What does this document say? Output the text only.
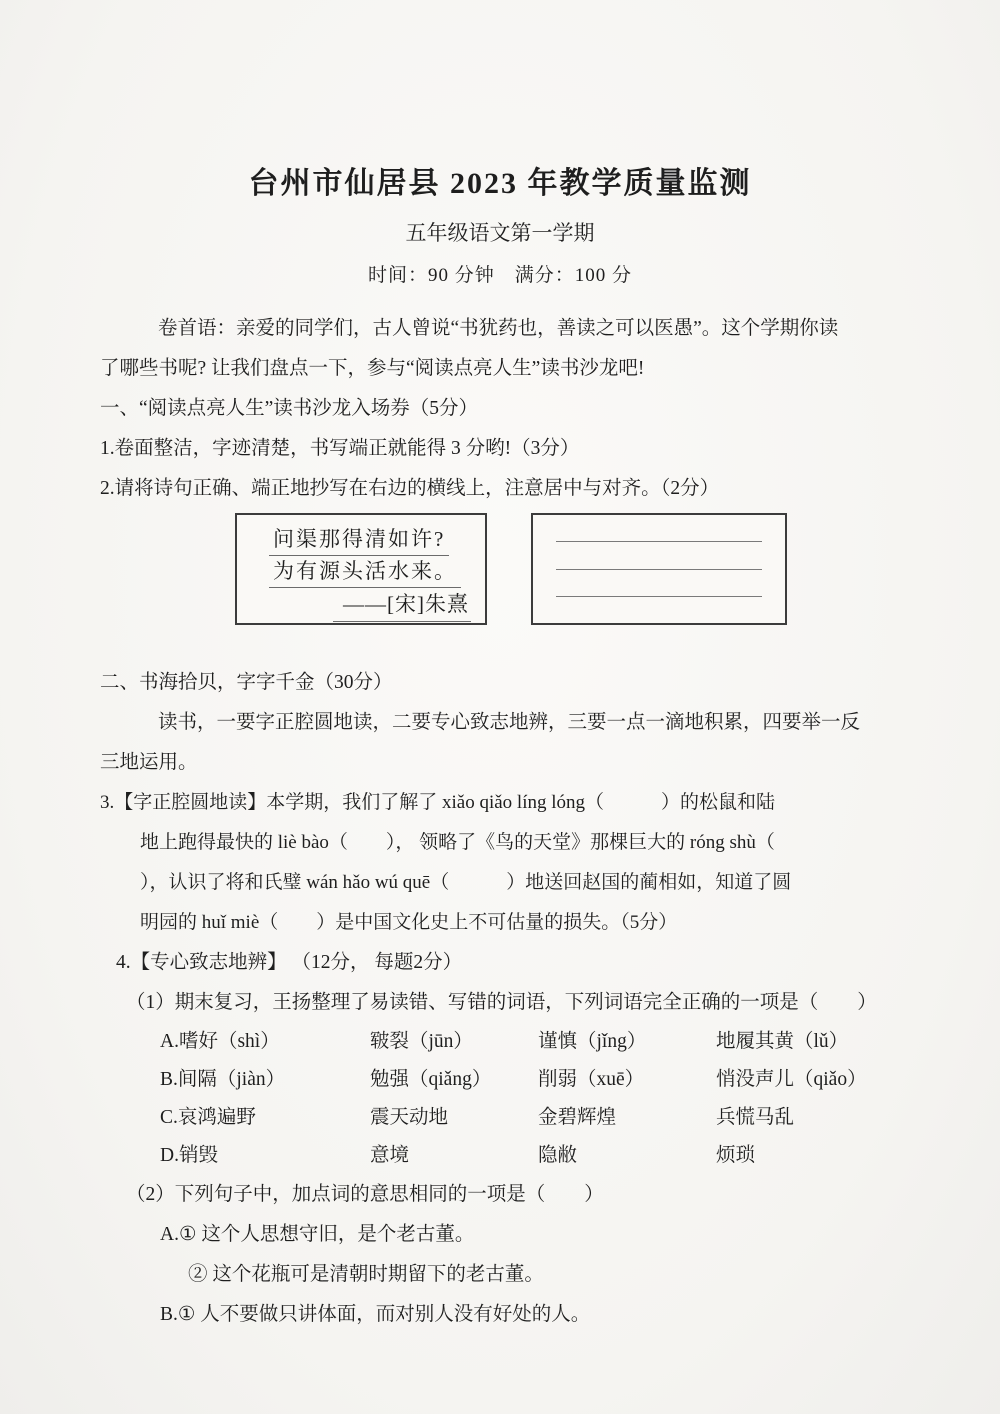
台州市仙居县 2023 年教学质量监测
五年级语文第一学期
时间：90 分钟　满分：100 分

卷首语：亲爱的同学们，古人曾说“书犹药也，善读之可以医愚”。这个学期你读

了哪些书呢? 让我们盘点一下，参与“阅读点亮人生”读书沙龙吧!

一、“阅读点亮人生”读书沙龙入场券（5分）

1.卷面整洁，字迹清楚，书写端正就能得 3 分哟!（3分）

2.请将诗句正确、端正地抄写在右边的横线上，注意居中与对齐。（2分）

问渠那得清如许?
为有源头活水来。
——[宋]朱熹

二、书海拾贝，字字千金（30分）

读书，一要字正腔圆地读，二要专心致志地辨，三要一点一滴地积累，四要举一反

三地运用。

3.【字正腔圆地读】本学期，我们了解了 xiǎo qiǎo líng lóng（　　　）的松鼠和陆

地上跑得最快的 liè bào（　　）， 领略了《鸟的天堂》那棵巨大的 róng shù（

），认识了将和氏璧 wán hǎo wú quē（　　　）地送回赵国的蔺相如，知道了圆

明园的 huǐ miè（　　）是中国文化史上不可估量的损失。（5分）

4.【专心致志地辨】 （12分， 每题2分）

（1）期末复习，王扬整理了易读错、写错的词语，下列词语完全正确的一项是（　　）

A.嗜好（shì）	皲裂（jūn）	谨慎（jǐng）	地履其黄（lǔ）
B.间隔（jiàn）	勉强（qiǎng）	削弱（xuē）	悄没声儿（qiǎo）
C.哀鸿遍野	震天动地	金碧辉煌	兵慌马乱
D.销毁	意境	隐敝	烦琐

（2）下列句子中，加点词的意思相同的一项是（　　）

A.① 这个人思想守旧，是个老古董。

② 这个花瓶可是清朝时期留下的老古董。

B.① 人不要做只讲体面，而对别人没有好处的人。
